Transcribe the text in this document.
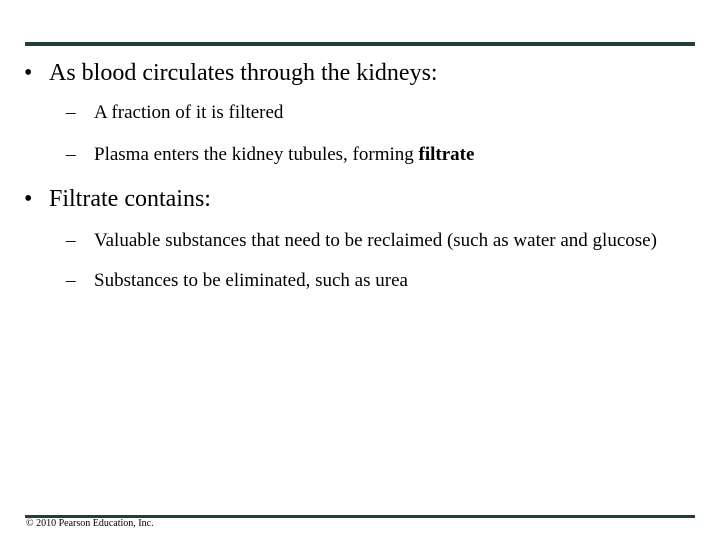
• As blood circulates through the kidneys:
– A fraction of it is filtered
– Plasma enters the kidney tubules, forming filtrate
• Filtrate contains:
– Valuable substances that need to be reclaimed (such as water and glucose)
– Substances to be eliminated, such as urea
© 2010 Pearson Education, Inc.
